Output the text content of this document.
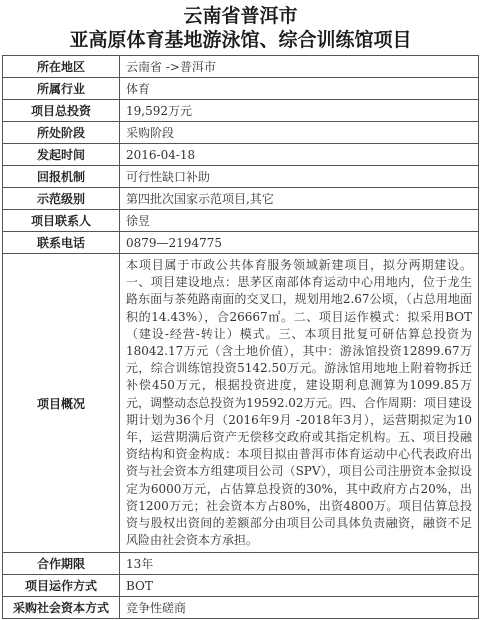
云南省普洱市
亚高原体育基地游泳馆、综合训练馆项目
所在地区	云南省 ->普洱市
所属行业	体育
项目总投资	19,592万元
所处阶段	采购阶段
发起时间	2016-04-18
回报机制	可行性缺口补助
示范级别	第四批次国家示范项目,其它
项目联系人	徐昱
联系电话	0879—2194775
项目概况	本项目属于市政公共体育服务领域新建项目，拟分两期建设。一、项目建设地点：思茅区南部体育运动中心用地内，位于龙生路东面与茶苑路南面的交叉口，规划用地2.67公顷，（占总用地面积的14.43%），合26667㎡。二、项目运作模式：拟采用BOT（建设-经营-转让）模式。三、本项目批复可研估算总投资为18042.17万元（含土地价值），其中：游泳馆投资12899.67万元，综合训练馆投资5142.50万元。游泳馆用地地上附着物拆迁补偿450万元，根据投资进度，建设期利息测算为1099.85万元，调整动态总投资为19592.02万元。四、合作周期：项目建设期计划为36个月（2016年9月 -2018年3月），运营期拟定为10年，运营期满后资产无偿移交政府或其指定机构。五、项目投融资结构和资金构成：本项目拟由普洱市体育运动中心代表政府出资与社会资本方组建项目公司（SPV），项目公司注册资本金拟设定为6000万元，占估算总投资的30%，其中政府方占20%，出资1200万元；社会资本方占80%，出资4800万。项目估算总投资与股权出资间的差额部分由项目公司具体负责融资，融资不足风险由社会资本方承担。
合作期限	13年
项目运作方式	BOT
采购社会资本方式	竞争性磋商
